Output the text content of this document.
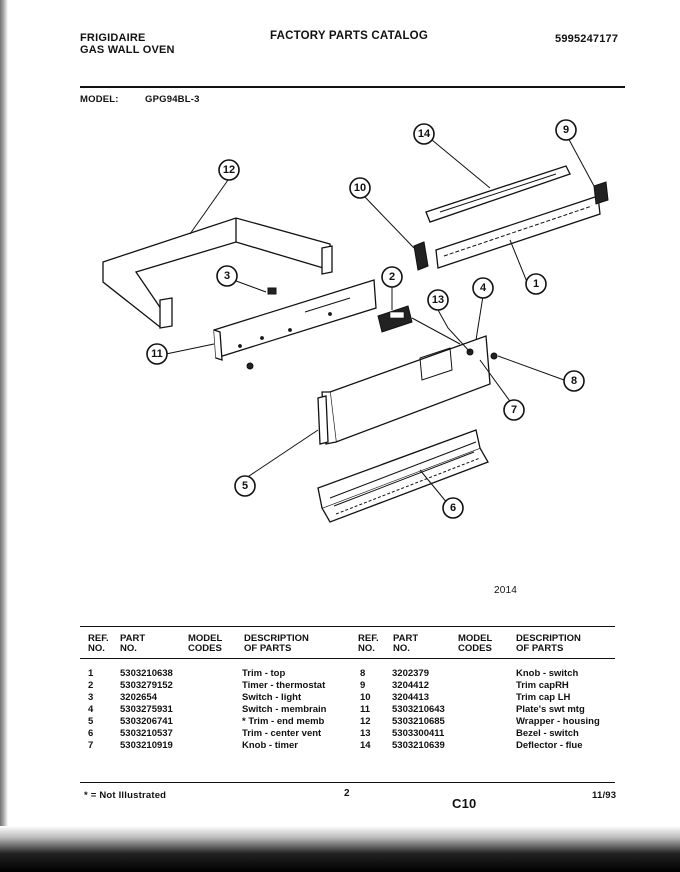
FRIGIDAIRE
GAS WALL OVEN
FACTORY PARTS CATALOG	5995247177
MODEL:	GPG94BL-3
12
3
11
2
13
4
8
7
5
6
1
14	9
10
2014
REF. NO.
PART NO.
MODEL CODES
DESCRIPTION OF PARTS
REF. NO.
PART NO.
MODEL CODES
DESCRIPTION OF PARTS
1	5303210638	Trim - top
2	5303279152	Timer - thermostat
3	3202654	Switch - light
4	5303275931	Switch - membrain
5	5303206741	* Trim - end memb
6	5303210537	Trim - center vent
7	5303210919	Knob - timer
8	3202379	Knob - switch
9	3204412	Trim capRH
10	3204413	Trim cap LH
11	5303210643	Plate's swt mtg
12	5303210685	Wrapper - housing
13	5303300411	Bezel - switch
14	5303210639	Deflector - flue
* = Not Illustrated	2
C10
11/93
